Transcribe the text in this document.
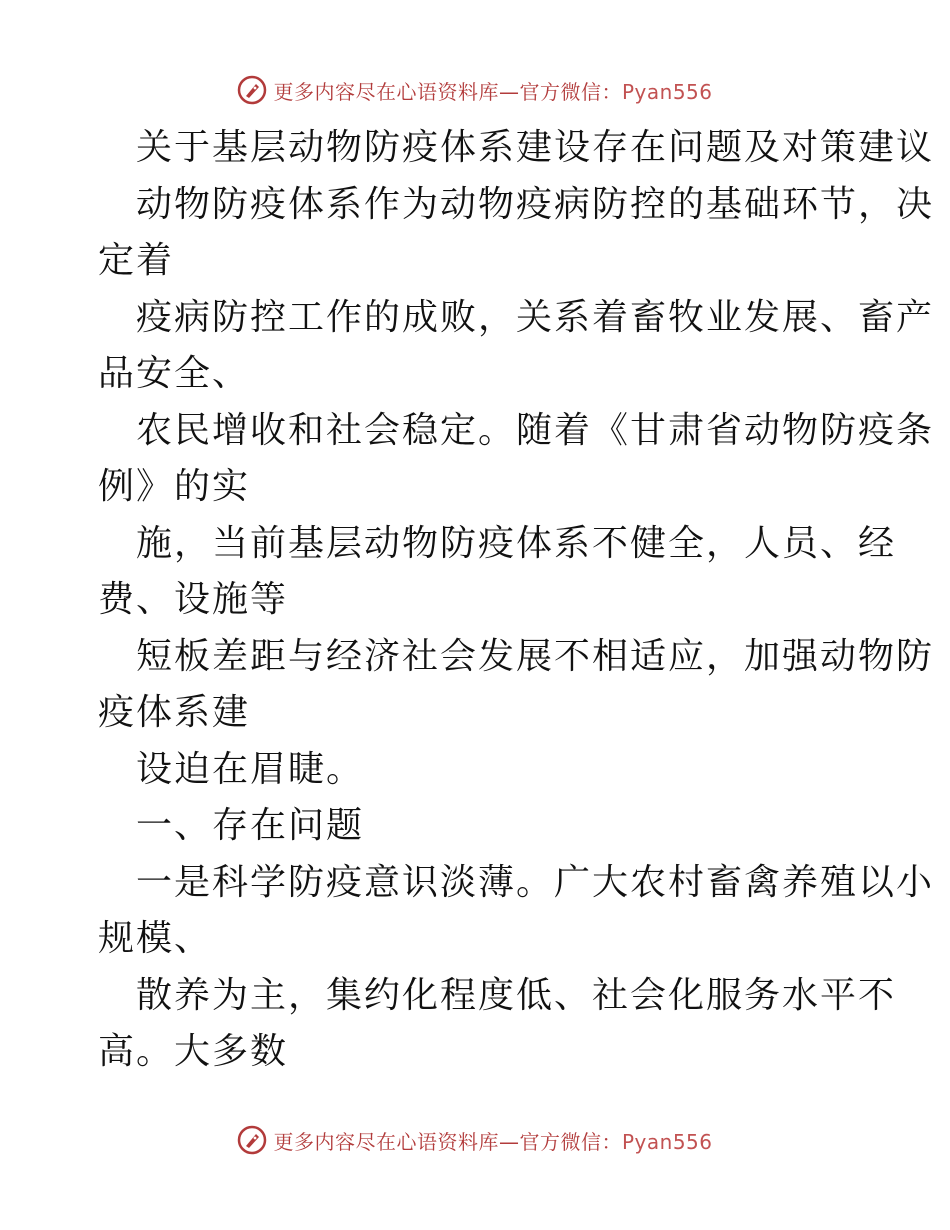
更多内容尽在心语资料库—官方微信：Pyan556
关于基层动物防疫体系建设存在问题及对策建议
动物防疫体系作为动物疫病防控的基础环节，决
定着
疫病防控工作的成败，关系着畜牧业发展、畜产
品安全、
农民增收和社会稳定。随着《甘肃省动物防疫条
例》的实
施，当前基层动物防疫体系不健全，人员、经
费、设施等
短板差距与经济社会发展不相适应，加强动物防
疫体系建
设迫在眉睫。
一、存在问题
一是科学防疫意识淡薄。广大农村畜禽养殖以小
规模、
散养为主，集约化程度低、社会化服务水平不
高。大多数
更多内容尽在心语资料库—官方微信：Pyan556
